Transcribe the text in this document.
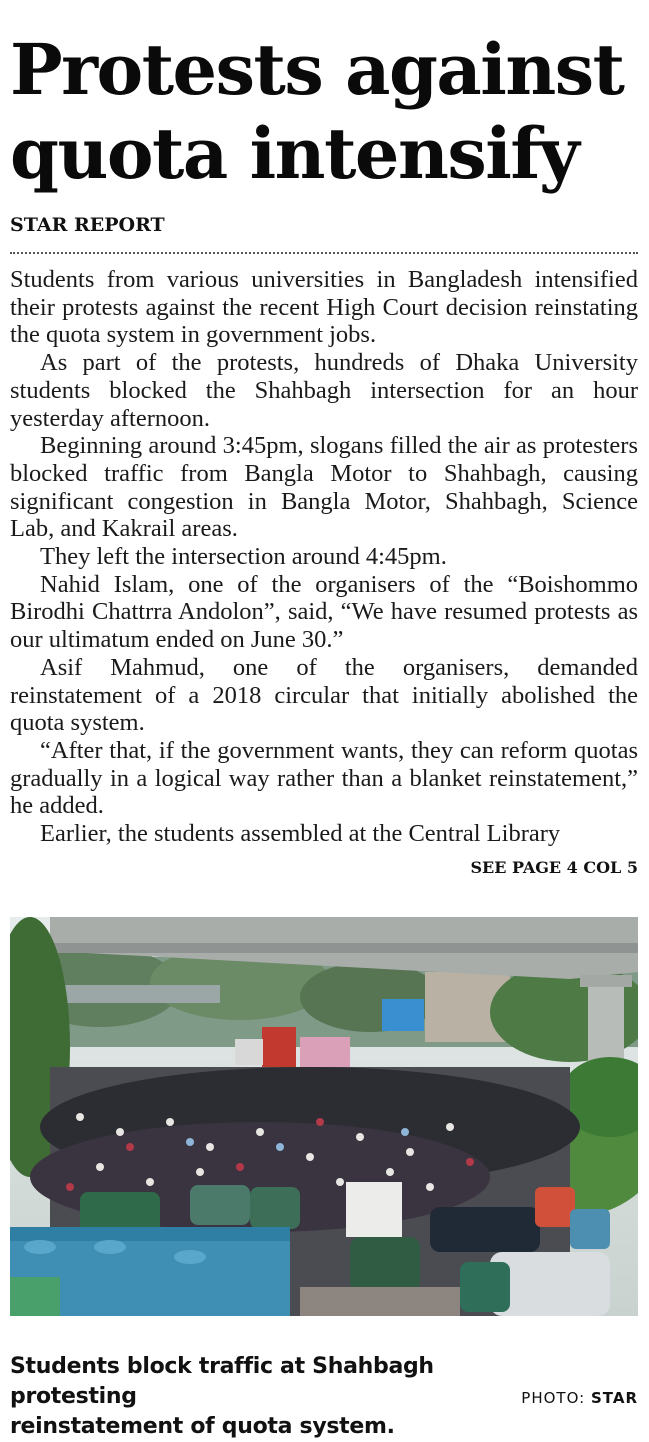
Protests against
quota intensify
STAR REPORT

Students from various universities in Bangladesh intensified their protests against the recent High Court decision reinstating the quota system in government jobs.

As part of the protests, hundreds of Dhaka University students blocked the Shahbagh intersection for an hour yesterday afternoon.

Beginning around 3:45pm, slogans filled the air as protesters blocked traffic from Bangla Motor to Shahbagh, causing significant congestion in Bangla Motor, Shahbagh, Science Lab, and Kakrail areas.

They left the intersection around 4:45pm.

Nahid Islam, one of the organisers of the “Boishommo Birodhi Chattrra Andolon”, said, “We have resumed protests as our ultimatum ended on June 30.”

Asif Mahmud, one of the organisers, demanded reinstatement of a 2018 circular that initially abolished the quota system.

“After that, if the government wants, they can reform quotas gradually in a logical way rather than a blanket reinstatement,” he added.

Earlier, the students assembled at the Central Library

SEE PAGE 4 COL 5
Students block traffic at Shahbagh protesting
reinstatement of quota system.
PHOTO: STAR
